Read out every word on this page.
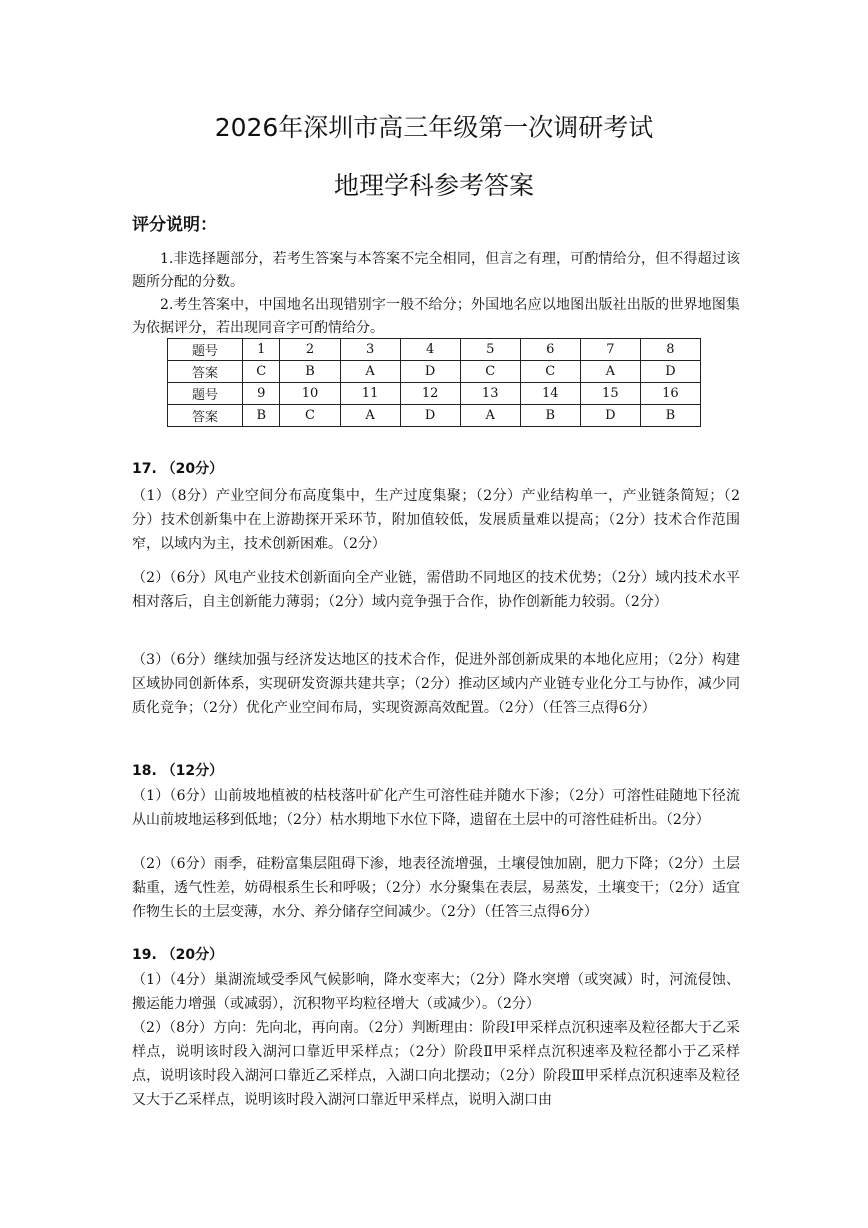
2026年深圳市高三年级第一次调研考试
地理学科参考答案
评分说明：

1.非选择题部分，若考生答案与本答案不完全相同，但言之有理，可酌情给分，但不得超过该题所分配的分数。

2.考生答案中，中国地名出现错别字一般不给分；外国地名应以地图出版社出版的世界地图集为依据评分，若出现同音字可酌情给分。

题号	1	2	3	4	5	6	7	8
答案	C	B	A	D	C	C	A	D
题号	9	10	11	12	13	14	15	16
答案	B	C	A	D	A	B	D	B
17. （20分）

（1）（8分）产业空间分布高度集中，生产过度集聚；（2分）产业结构单一，产业链条简短；（2分）技术创新集中在上游勘探开采环节，附加值较低，发展质量难以提高；（2分）技术合作范围窄，以域内为主，技术创新困难。（2分）

（2）（6分）风电产业技术创新面向全产业链，需借助不同地区的技术优势；（2分）域内技术水平相对落后，自主创新能力薄弱；（2分）域内竞争强于合作，协作创新能力较弱。（2分）

（3）（6分）继续加强与经济发达地区的技术合作，促进外部创新成果的本地化应用；（2分）构建区域协同创新体系，实现研发资源共建共享；（2分）推动区域内产业链专业化分工与协作，减少同质化竞争；（2分）优化产业空间布局，实现资源高效配置。（2分）（任答三点得6分）

18. （12分）

（1）（6分）山前坡地植被的枯枝落叶矿化产生可溶性硅并随水下渗；（2分）可溶性硅随地下径流从山前坡地运移到低地；（2分）枯水期地下水位下降，遗留在土层中的可溶性硅析出。（2分）

（2）（6分）雨季，硅粉富集层阻碍下渗，地表径流增强，土壤侵蚀加剧，肥力下降；（2分）土层黏重，透气性差，妨碍根系生长和呼吸；（2分）水分聚集在表层，易蒸发，土壤变干；（2分）适宜作物生长的土层变薄，水分、养分储存空间减少。（2分）（任答三点得6分）

19. （20分）

（1）（4分）巢湖流域受季风气候影响，降水变率大；（2分）降水突增（或突减）时，河流侵蚀、搬运能力增强（或减弱），沉积物平均粒径增大（或减少）。（2分）

（2）（8分）方向：先向北，再向南。（2分）判断理由：阶段Ⅰ甲采样点沉积速率及粒径都大于乙采样点，说明该时段入湖河口靠近甲采样点；（2分）阶段Ⅱ甲采样点沉积速率及粒径都小于乙采样点，说明该时段入湖河口靠近乙采样点，入湖口向北摆动；（2分）阶段Ⅲ甲采样点沉积速率及粒径又大于乙采样点，说明该时段入湖河口靠近甲采样点，说明入湖口由
